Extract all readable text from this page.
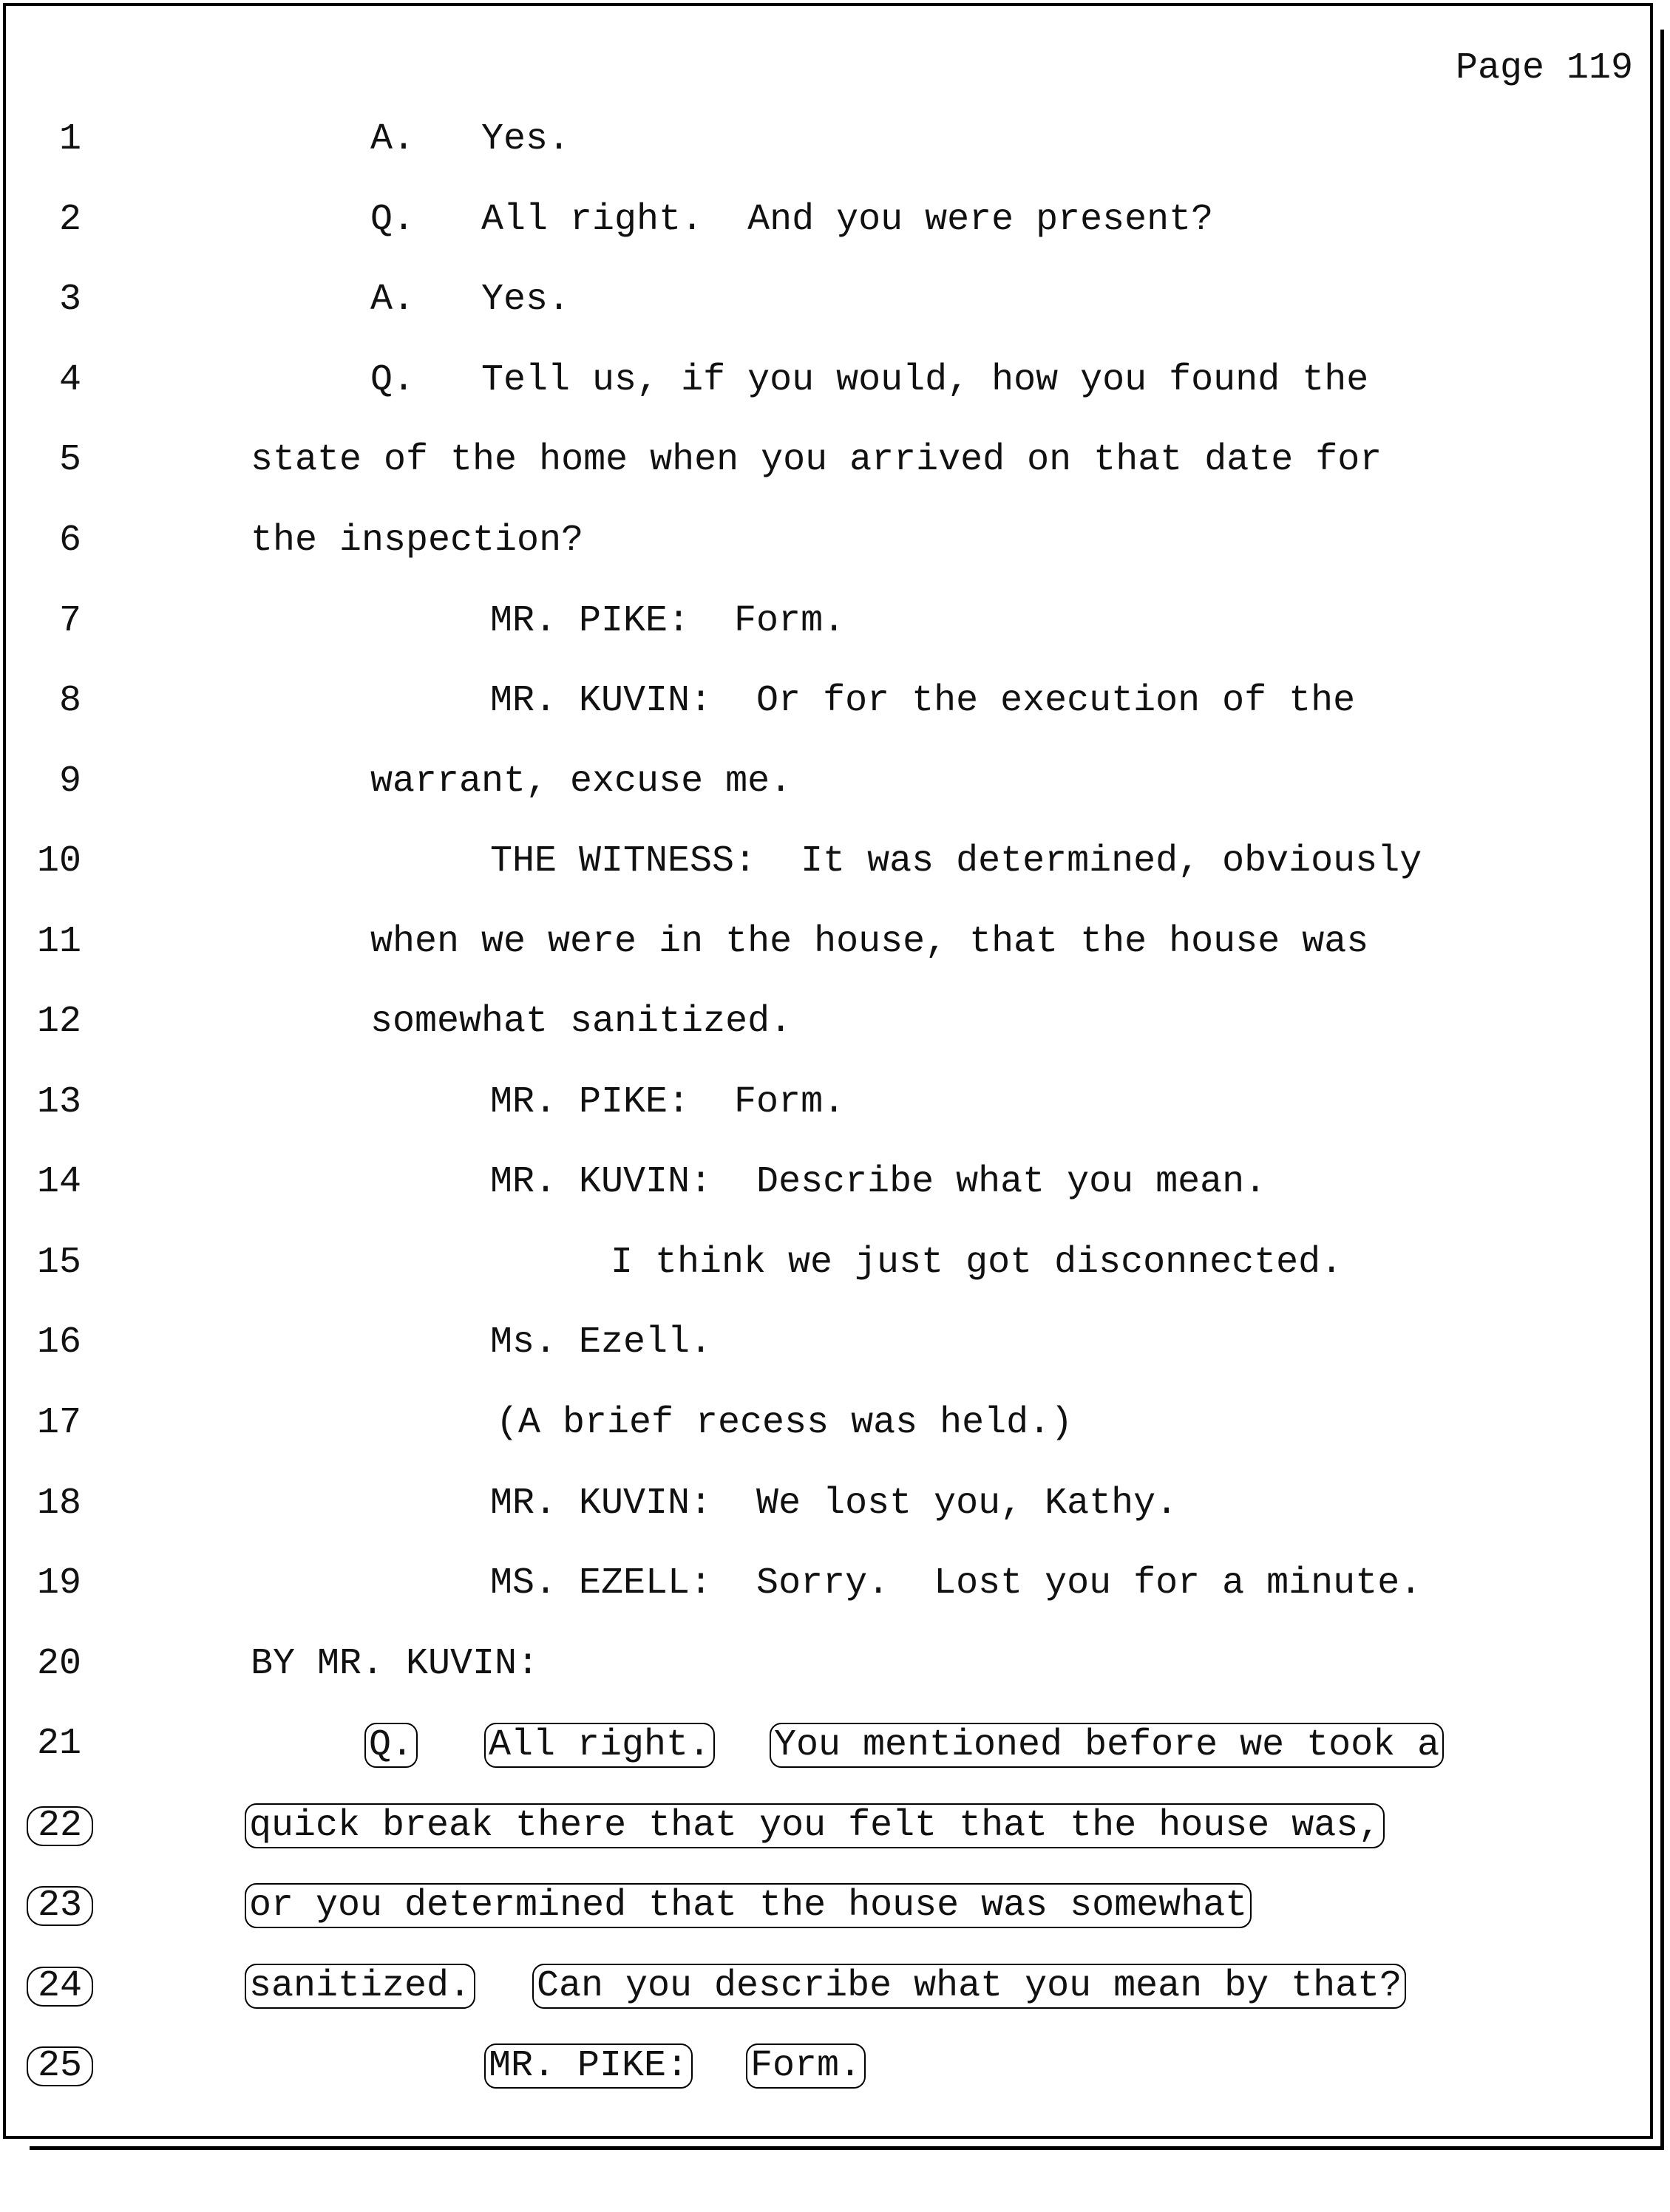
Page 119

1

	A.   Yes.

2

	Q.   All right.  And you were present?

3

	A.   Yes.

4

	Q.   Tell us, if you would, how you found the

5

	state of the home when you arrived on that date for

6

	the inspection?

7

	MR. PIKE:  Form.

8

	MR. KUVIN:  Or for the execution of the

9

	warrant, excuse me.

10

	THE WITNESS:  It was determined, obviously

11

	when we were in the house, that the house was

12

	somewhat sanitized.

13

	MR. PIKE:  Form.

14

	MR. KUVIN:  Describe what you mean.

15

	I think we just got disconnected.

16

	Ms. Ezell.

17

	(A brief recess was held.)

18

	MR. KUVIN:  We lost you, Kathy.

19

	MS. EZELL:  Sorry.  Lost you for a minute.

20

	BY MR. KUVIN:

21

	Q.

All right.

You mentioned before we took a

22

	quick break there that you felt that the house was,

23

	or you determined that the house was somewhat

24

	sanitized.

Can you describe what you mean by that?

25

	MR. PIKE:

Form.
